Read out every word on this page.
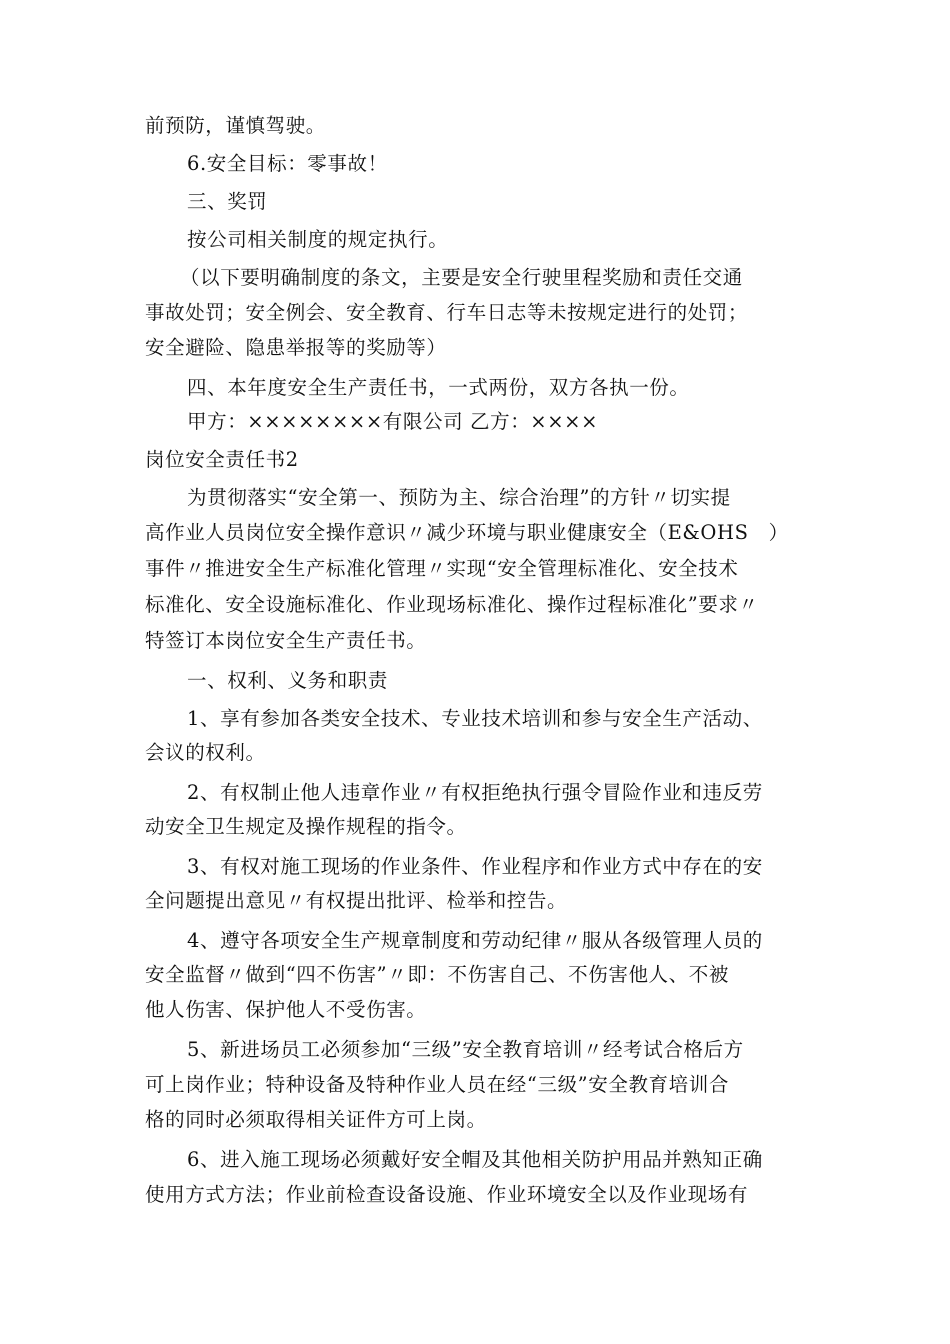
前预防，谨慎驾驶。
6.安全目标：零事故！
三、奖罚
按公司相关制度的规定执行。
（以下要明确制度的条文，主要是安全行驶里程奖励和责任交通
事故处罚；安全例会、安全教育、行车日志等未按规定进行的处罚；
安全避险、隐患举报等的奖励等）
四、本年度安全生产责任书，一式两份，双方各执一份。
甲方：××××××××有限公司 乙方：××××
岗位安全责任书2
为贯彻落实“安全第一、预防为主、综合治理”的方针〃切实提
高作业人员岗位安全操作意识〃减少环境与职业健康安全（E&OHS　）
事件〃推进安全生产标准化管理〃实现“安全管理标准化、安全技术
标准化、安全设施标准化、作业现场标准化、操作过程标准化”要求〃
特签订本岗位安全生产责任书。
一、权利、义务和职责
1、享有参加各类安全技术、专业技术培训和参与安全生产活动、
会议的权利。
2、有权制止他人违章作业〃有权拒绝执行强令冒险作业和违反劳
动安全卫生规定及操作规程的指令。
3、有权对施工现场的作业条件、作业程序和作业方式中存在的安
全问题提出意见〃有权提出批评、检举和控告。
4、遵守各项安全生产规章制度和劳动纪律〃服从各级管理人员的
安全监督〃做到“四不伤害”〃即：不伤害自己、不伤害他人、不被
他人伤害、保护他人不受伤害。
5、新进场员工必须参加“三级”安全教育培训〃经考试合格后方
可上岗作业；特种设备及特种作业人员在经“三级”安全教育培训合
格的同时必须取得相关证件方可上岗。
6、进入施工现场必须戴好安全帽及其他相关防护用品并熟知正确
使用方式方法；作业前检查设备设施、作业环境安全以及作业现场有
